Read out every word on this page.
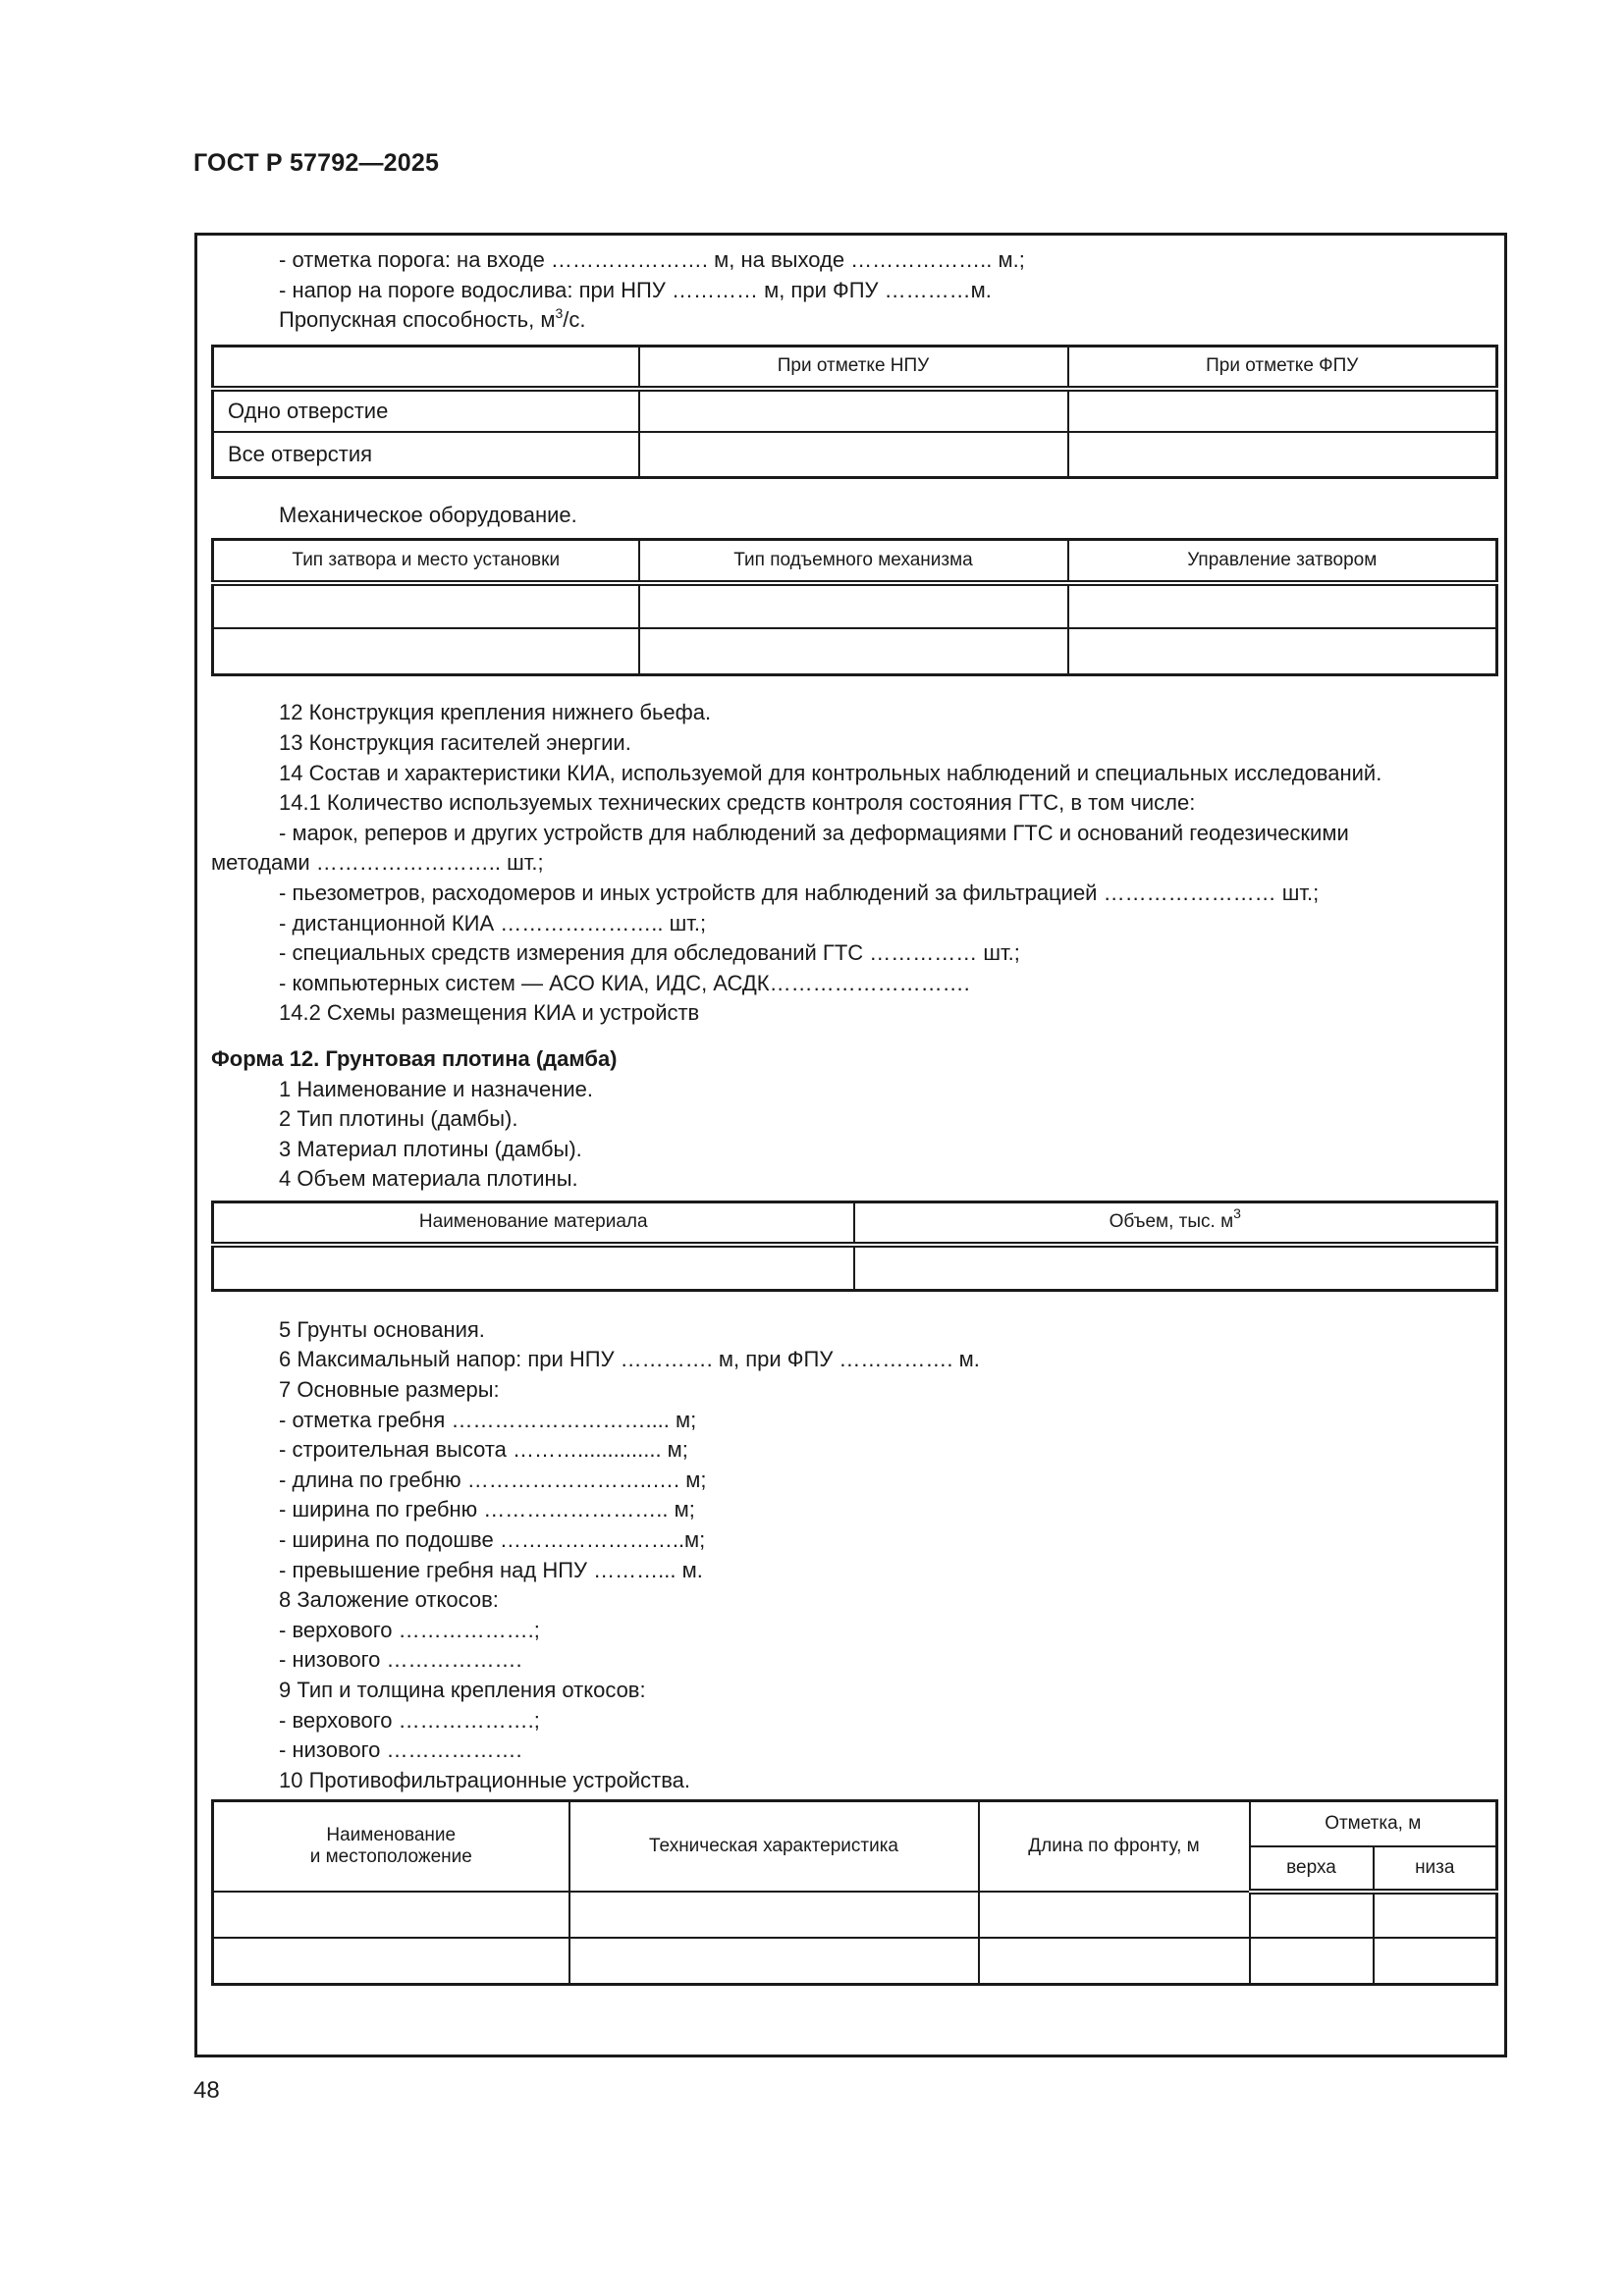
ГОСТ Р 57792—2025
- отметка порога: на входе …………………. м, на выходе ……………….. м.;
- напор на пороге водослива: при НПУ ………… м, при ФПУ …………м.
Пропускная способность, $м^3/с$.
	При отметке НПУ	При отметке ФПУ
Одно отверстие		
Все отверстия		
Механическое оборудование.
Тип затвора и место установки	Тип подъемного механизма	Управление затвором

12 Конструкция крепления нижнего бьефа.
13 Конструкция гасителей энергии.
14 Состав и характеристики КИА, используемой для контрольных наблюдений и специальных исследований.
14.1 Количество используемых технических средств контроля состояния ГТС, в том числе:
- марок, реперов и других устройств для наблюдений за деформациями ГТС и оснований геодезическими
методами …………………….. шт.;
- пьезометров, расходомеров и иных устройств для наблюдений за фильтрацией …………………… шт.;
- дистанционной КИА ………………….. шт.;
- специальных средств измерения для обследований ГТС …………… шт.;
- компьютерных систем — АСО КИА, ИДС, АСДК……………………….
14.2 Схемы размещения КИА и устройств
Форма 12. Грунтовая плотина (дамба)
1 Наименование и назначение.
2 Тип плотины (дамбы).
3 Материал плотины (дамбы).
4 Объем материала плотины.
Наименование материала	Объем, тыс. $м^3$

5 Грунты основания.
6 Максимальный напор: при НПУ …………. м, при ФПУ ……………. м.
7 Основные размеры:
- отметка гребня ……………………….... м;
- строительная высота ……….............. м;
- длина по гребню ……………………..…. м;
- ширина по гребню …………………….. м;
- ширина по подошве ……………………..м;
- превышение гребня над НПУ ………... м.
8 Заложение откосов:
- верхового ……………….;
- низового ……………….
9 Тип и толщина крепления откосов:
- верхового ……………….;
- низового ……………….
10 Противофильтрационные устройства.
Наименование
и местоположение	Техническая характеристика	Длина по фронту, м	Отметка, м	
			верха	низа

48
